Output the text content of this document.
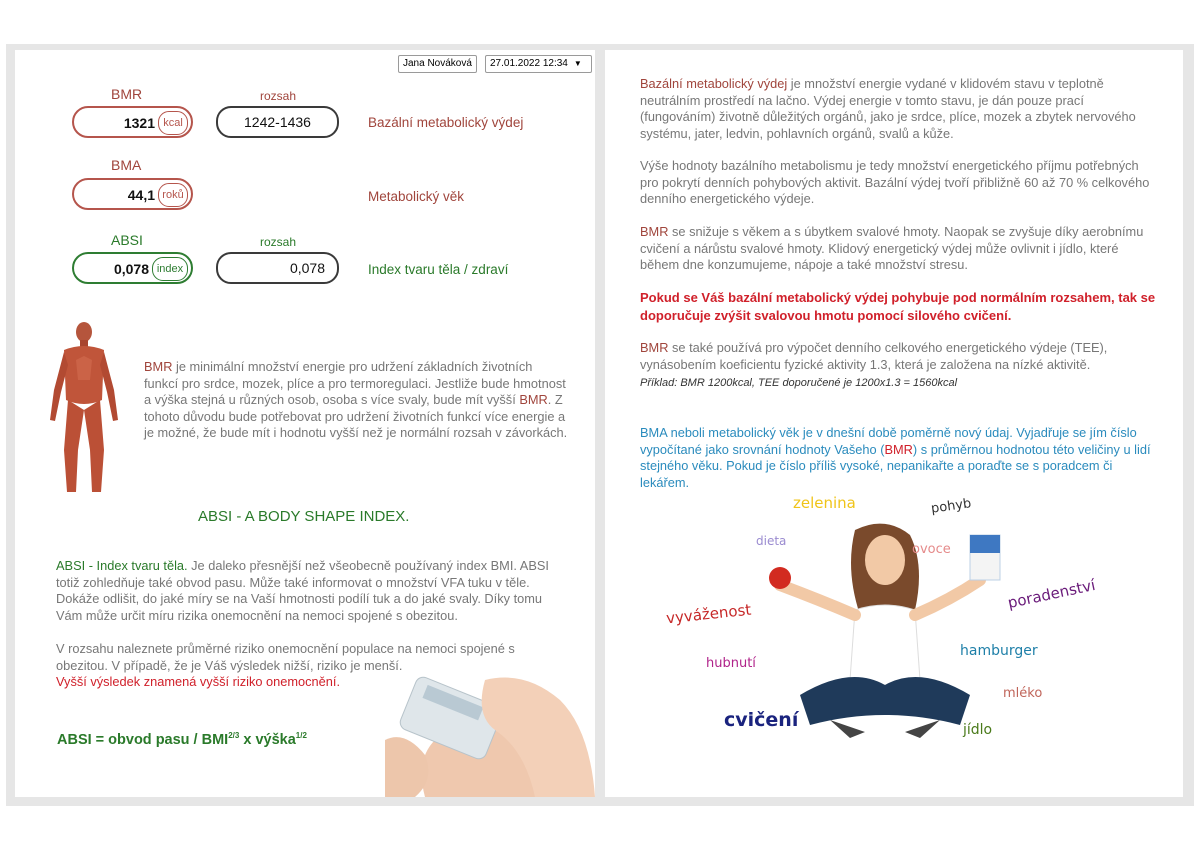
Jana Nováková	27.01.2022 12:34 ▼
BMR	rozsah
1321 kcal	1242-1436	Bazální metabolický výdej
BMA
44,1 roků	Metabolický věk
ABSI	rozsah
0,078 index	0,078	Index tvaru těla / zdraví
BMR je minimální množství energie pro udržení základních životních funkcí pro srdce, mozek, plíce a pro termoregulaci. Jestliže bude hmotnost a výška stejná u různých osob, osoba s více svaly, bude mít vyšší BMR. Z tohoto důvodu bude potřebovat pro udržení životních funkcí více energie a je možné, že bude mít i hodnotu vyšší než je normální rozsah v závorkách.
ABSI - A BODY SHAPE INDEX.
ABSI - Index tvaru těla. Je daleko přesnější než všeobecně používaný index BMI. ABSI totiž zohledňuje také obvod pasu. Může také informovat o množství VFA tuku v těle. Dokáže odlišit, do jaké míry se na Vaší hmotnosti podílí tuk a do jaké svaly. Díky tomu Vám může určit míru rizika onemocnění na nemoci spojené s obezitou.
V rozsahu naleznete průměrné riziko onemocnění populace na nemoci spojené s obezitou. V případě, že je Váš výsledek nižší, riziko je menší.
Vyšší výsledek znamená vyšší riziko onemocnění.
ABSI = obvod pasu / $BMI^{2/3}$ x výška$^{1/2}$
Bazální metabolický výdej je množství energie vydané v klidovém stavu v teplotně neutrálním prostředí na lačno. Výdej energie v tomto stavu, je dán pouze prací (fungováním) životně důležitých orgánů, jako je srdce, plíce, mozek a zbytek nervového systému, jater, ledvin, pohlavních orgánů, svalů a kůže.
Výše hodnoty bazálního metabolismu je tedy množství energetického příjmu potřebných pro pokrytí denních pohybových aktivit. Bazální výdej tvoří přibližně 60 až 70 % celkového denního energetického výdeje.
BMR se snižuje s věkem a s úbytkem svalové hmoty. Naopak se zvyšuje díky aerobnímu cvičení a nárůstu svalové hmoty. Klidový energetický výdej může ovlivnit i jídlo, které během dne konzumujeme, nápoje a také množství stresu.
Pokud se Váš bazální metabolický výdej pohybuje pod normálním rozsahem, tak se doporučuje zvýšit svalovou hmotu pomocí silového cvičení.
BMR se také používá pro výpočet denního celkového energetického výdeje (TEE), vynásobením koeficientu fyzické aktivity 1.3, která je založena na nízké aktivitě.
Příklad: BMR 1200kcal, TEE doporučené je 1200x1.3 = 1560kcal
BMA neboli metabolický věk je v dnešní době poměrně nový údaj. Vyjadřuje se jím číslo vypočítané jako srovnání hodnoty Vašeho (BMR) s průměrnou hodnotou této veličiny u lidí stejného věku. Pokud je číslo příliš vysoké, nepanikařte a poraďte se s poradcem či lekářem.
zelenina	pohyb
dieta
ovoce
poradenství
vyváženost
hamburger
hubnutí
mléko
cvičení	jídlo
